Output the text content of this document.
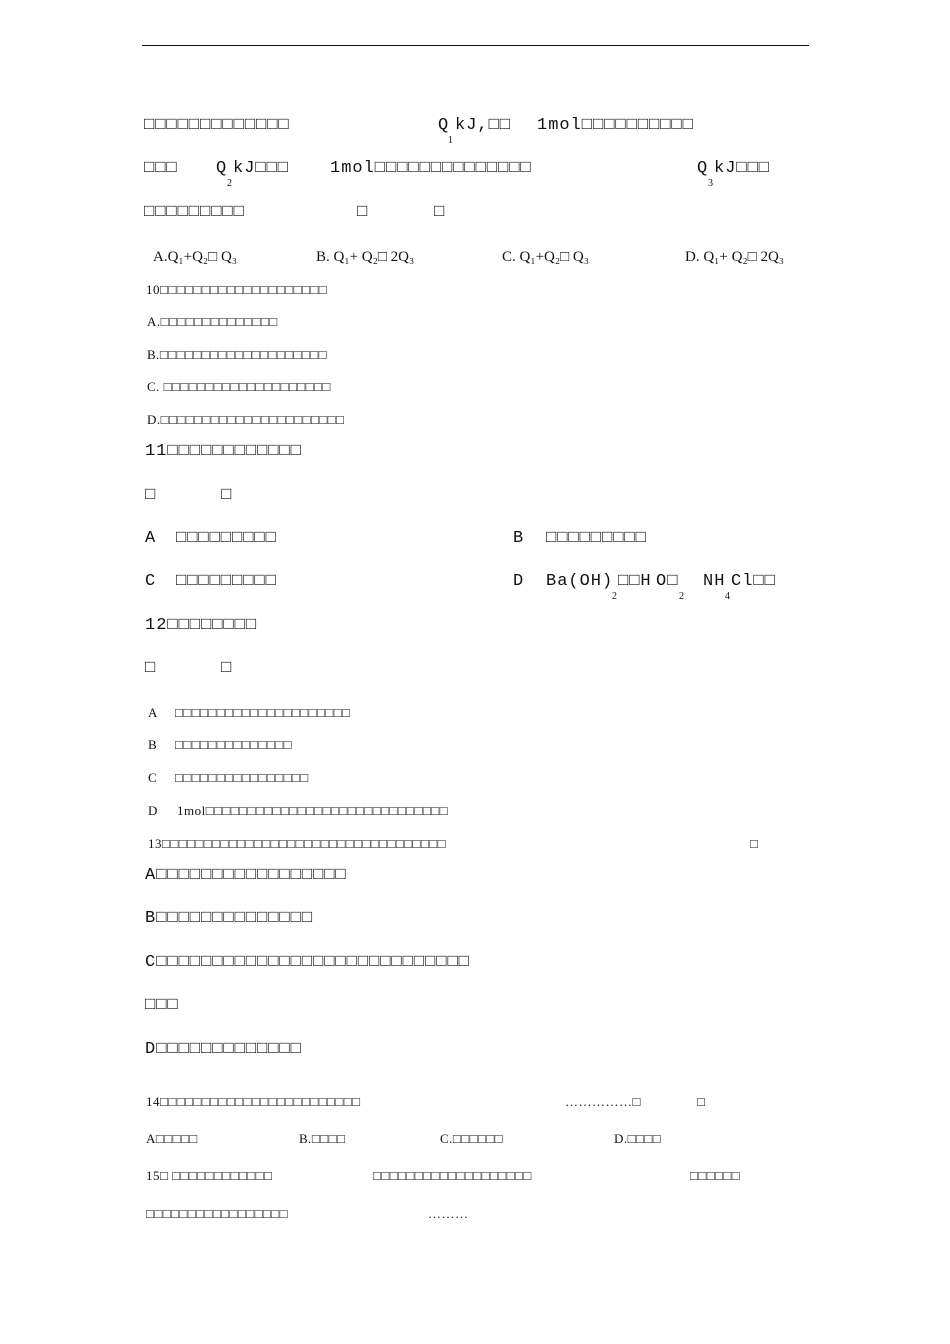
□□□□□□□□□□□□□	Q
1
kJ,□□ 1mol□□□□□□□□□□
□□□ Q
2
kJ□□□ 1mol□□□□□□□□□□□□□□	Q
3
kJ□□□
□□□□□□□□□	□	□
A.Q₁+Q₂□ Q₃	B. Q₁+ Q₂□ 2Q₃	C. Q₁+Q₂□ Q₃	D. Q₁+ Q₂□ 2Q₃
10□□□□□□□□□□□□□□□□□□□□
A.□□□□□□□□□□□□□□
B.□□□□□□□□□□□□□□□□□□□□
C. □□□□□□□□□□□□□□□□□□□□
D.□□□□□□□□□□□□□□□□□□□□□□
11□□□□□□□□□□□□
□	□
A □□□□□□□□□	B □□□□□□□□□
C □□□□□□□□□	D Ba(OH)
2
□□H
2
O□ NH
4
Cl□□
12□□□□□□□□
□	□
A □□□□□□□□□□□□□□□□□□□□□
B □□□□□□□□□□□□□□
C □□□□□□□□□□□□□□□□
D 1mol□□□□□□□□□□□□□□□□□□□□□□□□□□□□□
13□□□□□□□□□□□□□□□□□□□□□□□□□□□□□□□□□□	□
A□□□□□□□□□□□□□□□□□
B□□□□□□□□□□□□□□
C□□□□□□□□□□□□□□□□□□□□□□□□□□□□
□□□
D□□□□□□□□□□□□□
14□□□□□□□□□□□□□□□□□□□□□□□□	……………□	□
A□□□□□	B.□□□□	C.□□□□□□	D.□□□□
15□ □□□□□□□□□□□□	□□□□□□□□□□□□□□□□□□□	□□□□□□
□□□□□□□□□□□□□□□□□	………
